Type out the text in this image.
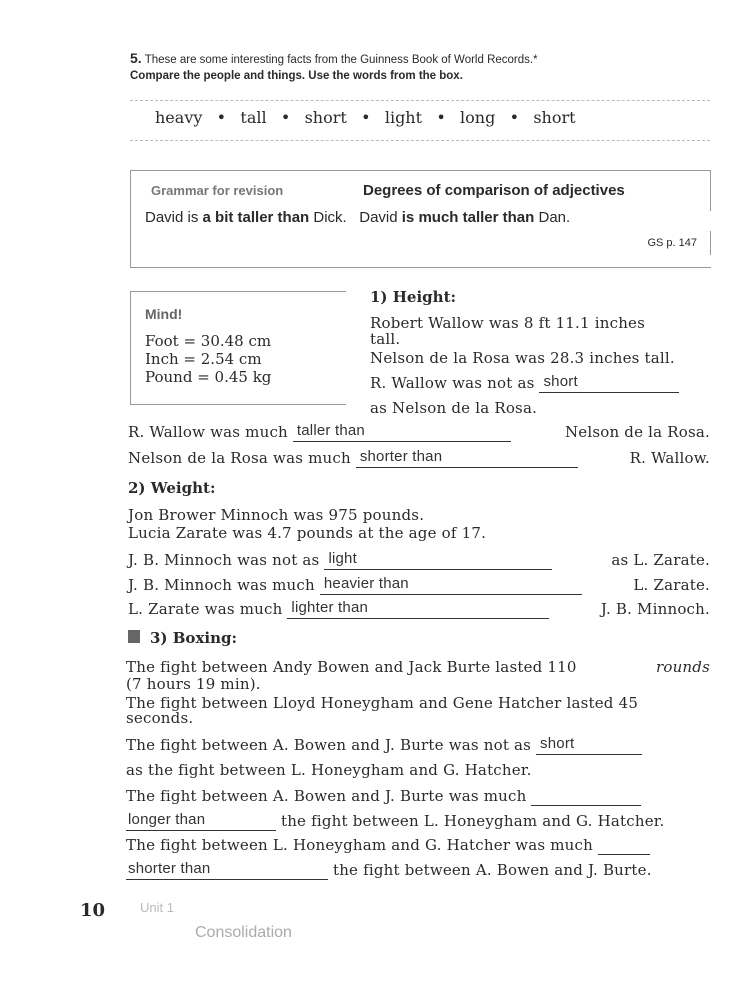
5. These are some interesting facts from the Guinness Book of World Records.*
Compare the people and things. Use the words from the box.
heavy • tall • short • light • long • short
Grammar for revision	Degrees of comparison of adjectives
David is a bit taller than Dick. David is much taller than Dan.
GS p. 147
Mind!
Foot = 30.48 cm
Inch = 2.54 cm
Pound = 0.45 kg
1) Height:
Robert Wallow was 8 ft 11.1 inches
tall.
Nelson de la Rosa was 28.3 inches tall.
R. Wallow was not as short

as Nelson de la Rosa.
R. Wallow was much taller than
	Nelson de la Rosa.
Nelson de la Rosa was much shorter than
	R. Wallow.
2) Weight:
Jon Brower Minnoch was 975 pounds.
Lucia Zarate was 4.7 pounds at the age of 17.
J. B. Minnoch was not as light
	as L. Zarate.
J. B. Minnoch was much heavier than
	L. Zarate.
L. Zarate was much lighter than
	J. B. Minnoch.
3) Boxing:
The fight between Andy Bowen and Jack Burte lasted 110	rounds
(7 hours 19 min).
The fight between Lloyd Honeygham and Gene Hatcher lasted 45
seconds.
The fight between A. Bowen and J. Burte was not as short

as the fight between L. Honeygham and G. Hatcher.
The fight between A. Bowen and J. Burte was much
longer than	the fight between L. Honeygham and G. Hatcher.
The fight between L. Honeygham and G. Hatcher was much
shorter than	the fight between A. Bowen and J. Burte.
10	Unit 1
Consolidation
